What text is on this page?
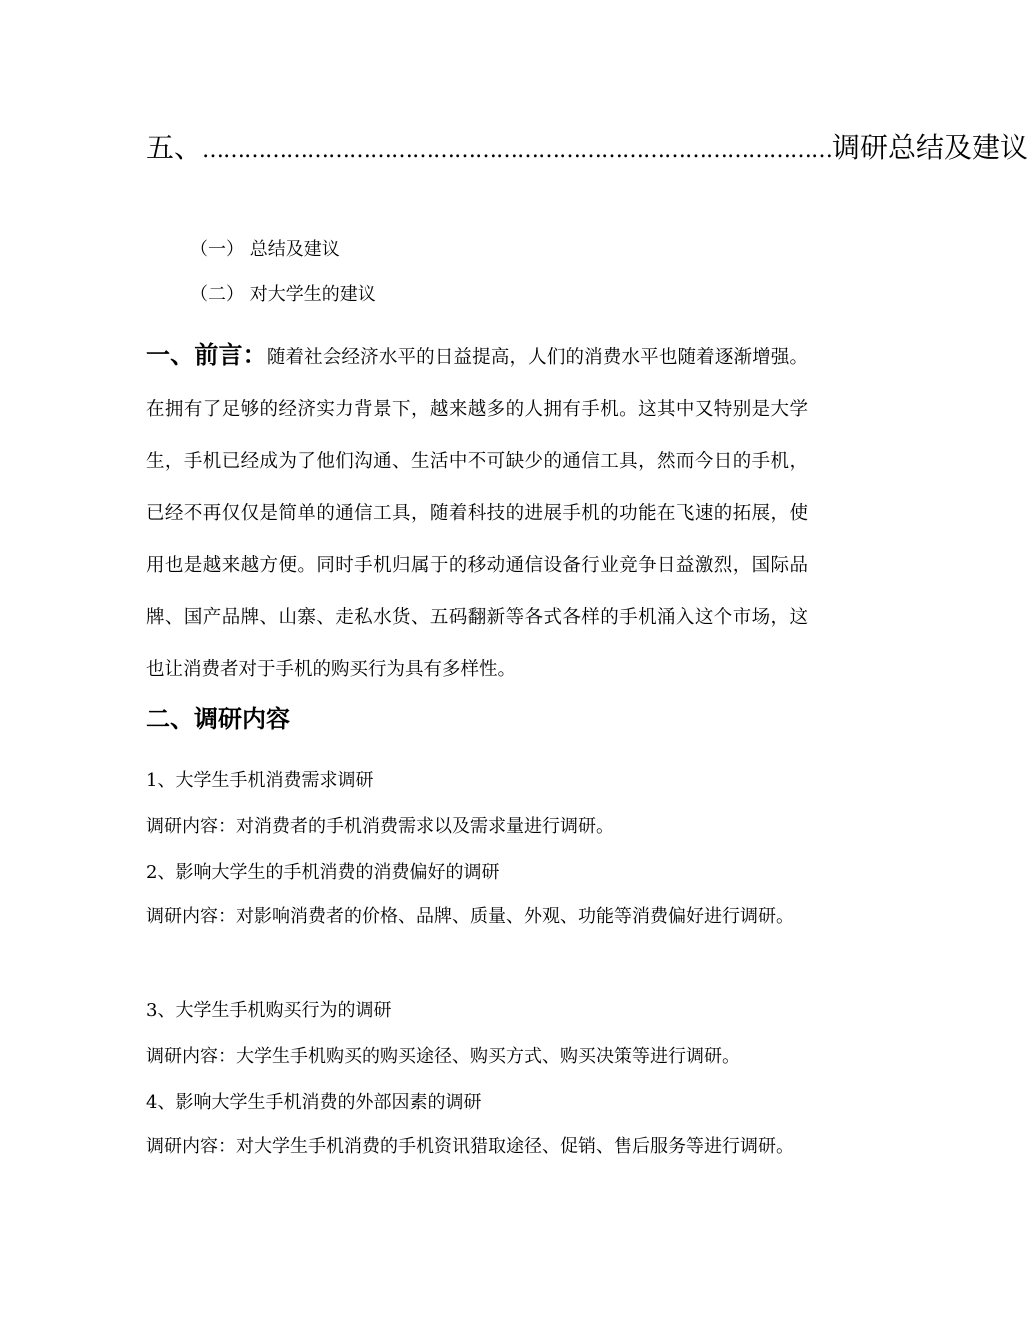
五、 ……………………………………………………………………………… 调研总结及建议
（一） 总结及建议
（二） 对大学生的建议
一、前言：随着社会经济水平的日益提高，人们的消费水平也随着逐渐增强。在拥有了足够的经济实力背景下，越来越多的人拥有手机。这其中又特别是大学生，手机已经成为了他们沟通、生活中不可缺少的通信工具，然而今日的手机，已经不再仅仅是简单的通信工具，随着科技的进展手机的功能在飞速的拓展，使用也是越来越方便。同时手机归属于的移动通信设备行业竞争日益激烈，国际品牌、国产品牌、山寨、走私水货、五码翻新等各式各样的手机涌入这个市场，这也让消费者对于手机的购买行为具有多样性。
二、调研内容
1、大学生手机消费需求调研
调研内容：对消费者的手机消费需求以及需求量进行调研。
2、影响大学生的手机消费的消费偏好的调研
调研内容：对影响消费者的价格、品牌、质量、外观、功能等消费偏好进行调研。
3、大学生手机购买行为的调研
调研内容：大学生手机购买的购买途径、购买方式、购买决策等进行调研。
4、影响大学生手机消费的外部因素的调研
调研内容：对大学生手机消费的手机资讯猎取途径、促销、售后服务等进行调研。
